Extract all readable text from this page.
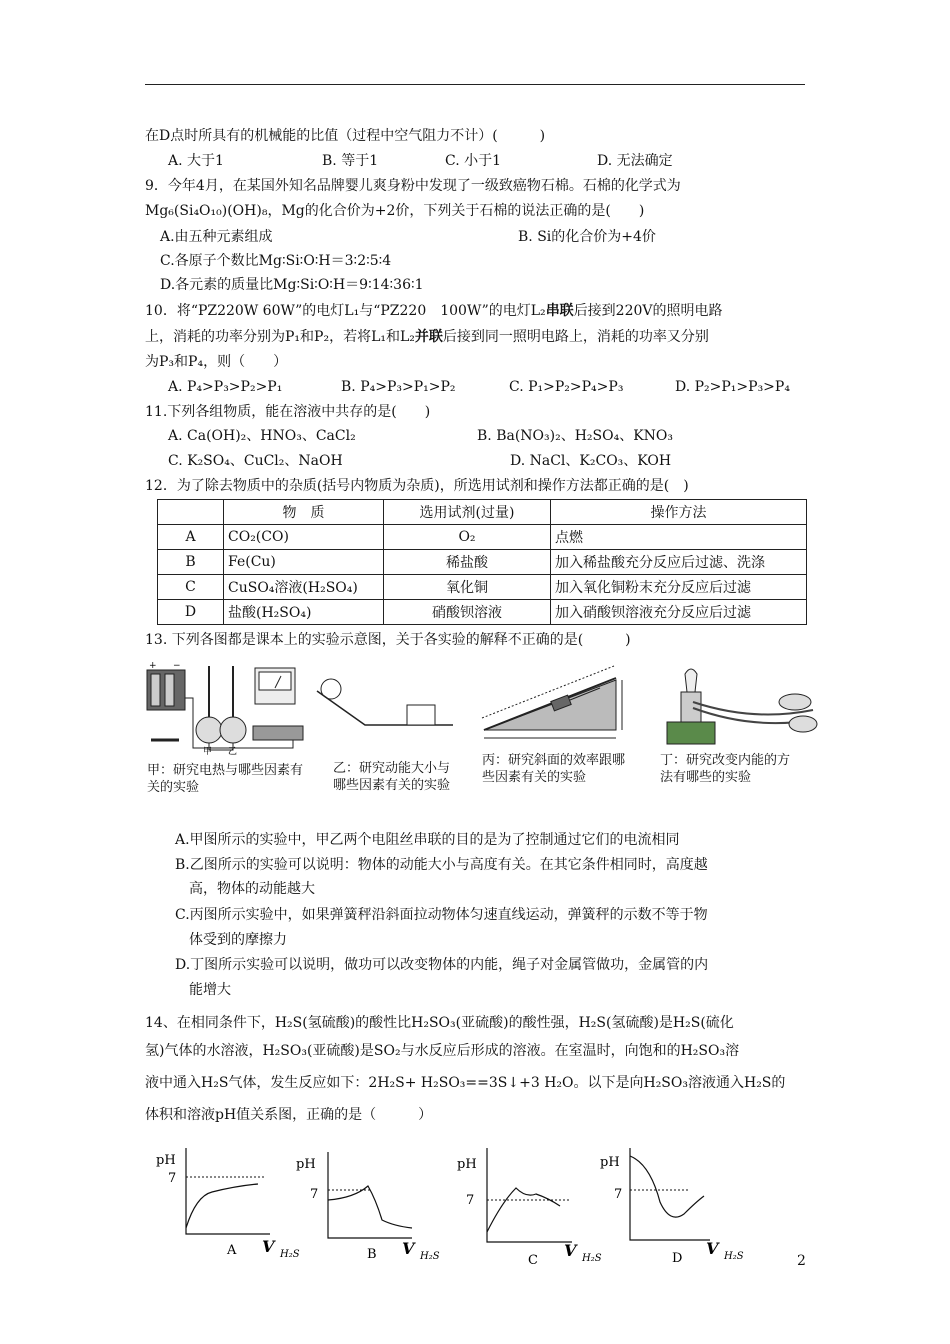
在D点时所具有的机械能的比值（过程中空气阻力不计）(　　　)
A. 大于1	B. 等于1	C. 小于1	D. 无法确定
9．今年4月，在某国外知名品牌婴儿爽身粉中发现了一级致癌物石棉。石棉的化学式为
Mg₆(Si₄O₁₀)(OH)₈，Mg的化合价为+2价，下列关于石棉的说法正确的是(　　)
A.由五种元素组成	B. Si的化合价为+4价
C.各原子个数比Mg∶Si∶O∶H＝3∶2∶5∶4
D.各元素的质量比Mg∶Si∶O∶H＝9∶14∶36∶1
10．将“PZ220W 60W”的电灯L₁与“PZ220　100W”的电灯L₂串联后接到220V的照明电路
上，消耗的功率分别为P₁和P₂，若将L₁和L₂并联后接到同一照明电路上，消耗的功率又分别
为P₃和P₄，则（　　）
A. P₄>P₃>P₂>P₁	B. P₄>P₃>P₁>P₂	C. P₁>P₂>P₄>P₃	D. P₂>P₁>P₃>P₄
11.下列各组物质，能在溶液中共存的是(　　)
A. Ca(OH)₂、HNO₃、CaCl₂	B. Ba(NO₃)₂、H₂SO₄、KNO₃
C. K₂SO₄、CuCl₂、NaOH	D. NaCl、K₂CO₃、KOH
12．为了除去物质中的杂质(括号内物质为杂质)，所选用试剂和操作方法都正确的是(　)
	物　质	选用试剂(过量)	操作方法
A	CO₂(CO)	O₂	点燃
B	Fe(Cu)	稀盐酸	加入稀盐酸充分反应后过滤、洗涤
C	CuSO₄溶液(H₂SO₄)	氧化铜	加入氧化铜粉末充分反应后过滤
D	盐酸(H₂SO₄)	硝酸钡溶液	加入硝酸钡溶液充分反应后过滤
13. 下列各图都是课本上的实验示意图，关于各实验的解释不正确的是(　　　)
+ −
甲 乙
甲：研究电热与哪些因素有关的实验
乙：研究动能大小与哪些因素有关的实验
丙：研究斜面的效率跟哪些因素有关的实验
丁：研究改变内能的方法有哪些的实验
A.甲图所示的实验中，甲乙两个电阻丝串联的目的是为了控制通过它们的电流相同
B.乙图所示的实验可以说明：物体的动能大小与高度有关。在其它条件相同时，高度越
高，物体的动能越大
C.丙图所示实验中，如果弹簧秤沿斜面拉动物体匀速直线运动，弹簧秤的示数不等于物
体受到的摩擦力
D.丁图所示实验可以说明，做功可以改变物体的内能，绳子对金属管做功，金属管的内
能增大
14、在相同条件下，H₂S(氢硫酸)的酸性比H₂SO₃(亚硫酸)的酸性强，H₂S(氢硫酸)是H₂S(硫化
氢)气体的水溶液，H₂SO₃(亚硫酸)是SO₂与水反应后形成的溶液。在室温时，向饱和的H₂SO₃溶
液中通入H₂S气体，发生反应如下：2H₂S+ H₂SO₃==3S↓+3 H₂O。以下是向H₂SO₃溶液通入H₂S的
体积和溶液pH值关系图，正确的是（　　　）
pH
7
A V H₂S
pH
7
B V H₂S
pH
7
C
V H₂S
pH
7
D
V H₂S	2
